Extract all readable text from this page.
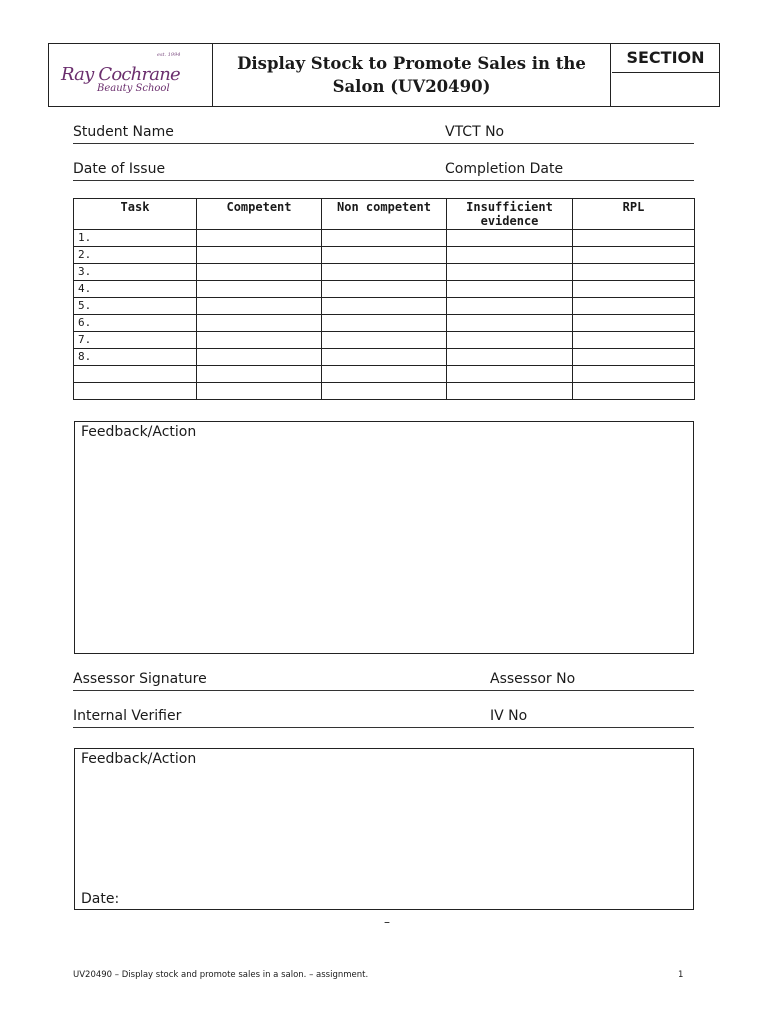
est. 1994
Ray Cochrane
Beauty School
Display Stock to Promote Sales in the Salon (UV20490)
SECTION
Student Name	VTCT No
Date of Issue	Completion Date
Task	Competent	Non competent	Insufficient evidence	RPL
1.				
2.				
3.				
4.				
5.				
6.				
7.				
8.				

Feedback/Action
Assessor Signature	Assessor No
Internal Verifier	IV No
Feedback/Action
Date:
–
UV20490 – Display stock and promote sales in a salon. – assignment.	1
